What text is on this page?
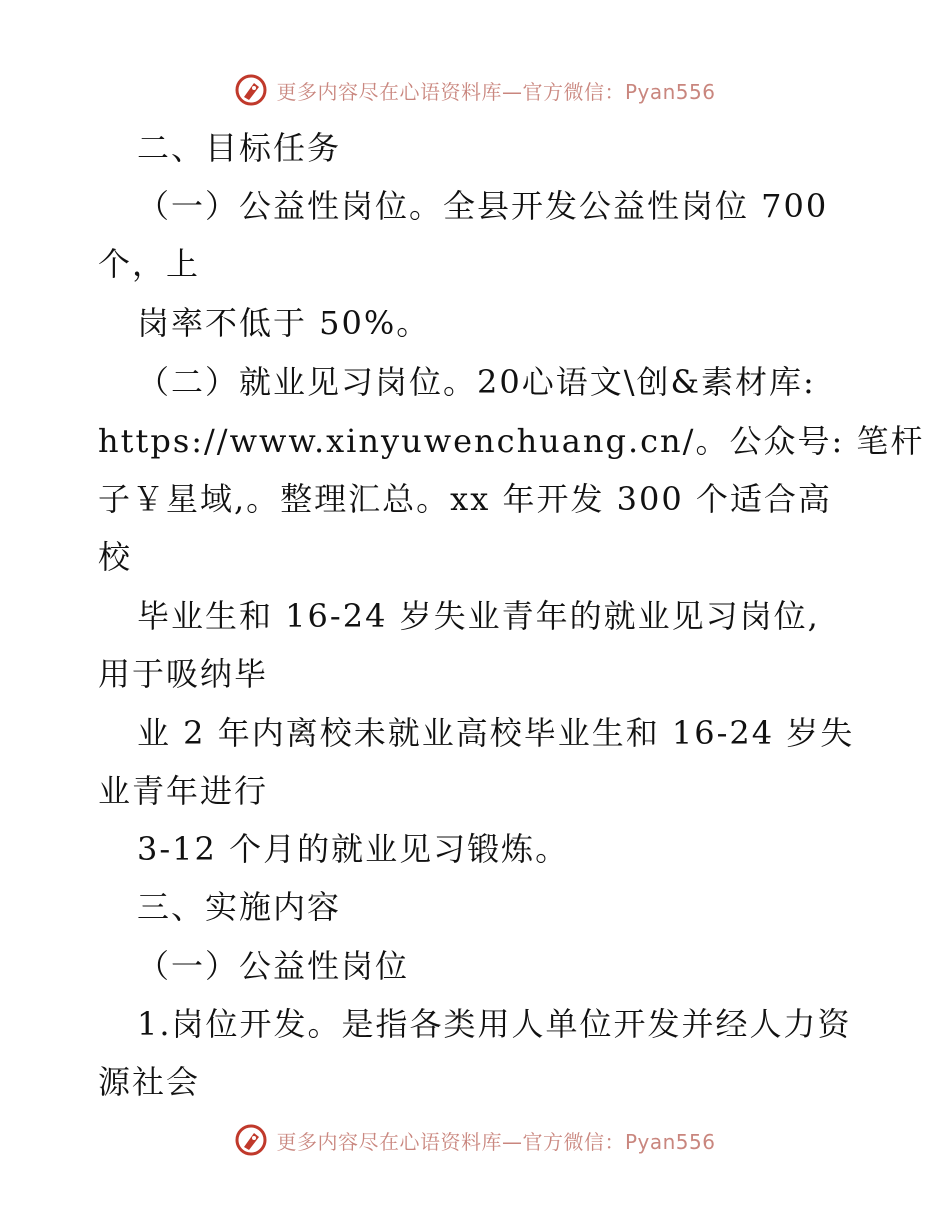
更多内容尽在心语资料库—官方微信：Pyan556
二、目标任务
（一）公益性岗位。全县开发公益性岗位 700
个，上
岗率不低于 50%。
（二）就业见习岗位。20心语文\创&素材库:
https://www.xinyuwenchuang.cn/。公众号: 笔杆
子￥星域,。整理汇总。xx 年开发 300 个适合高
校
毕业生和 16-24 岁失业青年的就业见习岗位,
用于吸纳毕
业 2 年内离校未就业高校毕业生和 16-24 岁失
业青年进行
3-12 个月的就业见习锻炼。
三、实施内容
（一）公益性岗位
1.岗位开发。是指各类用人单位开发并经人力资
源社会
更多内容尽在心语资料库—官方微信：Pyan556
